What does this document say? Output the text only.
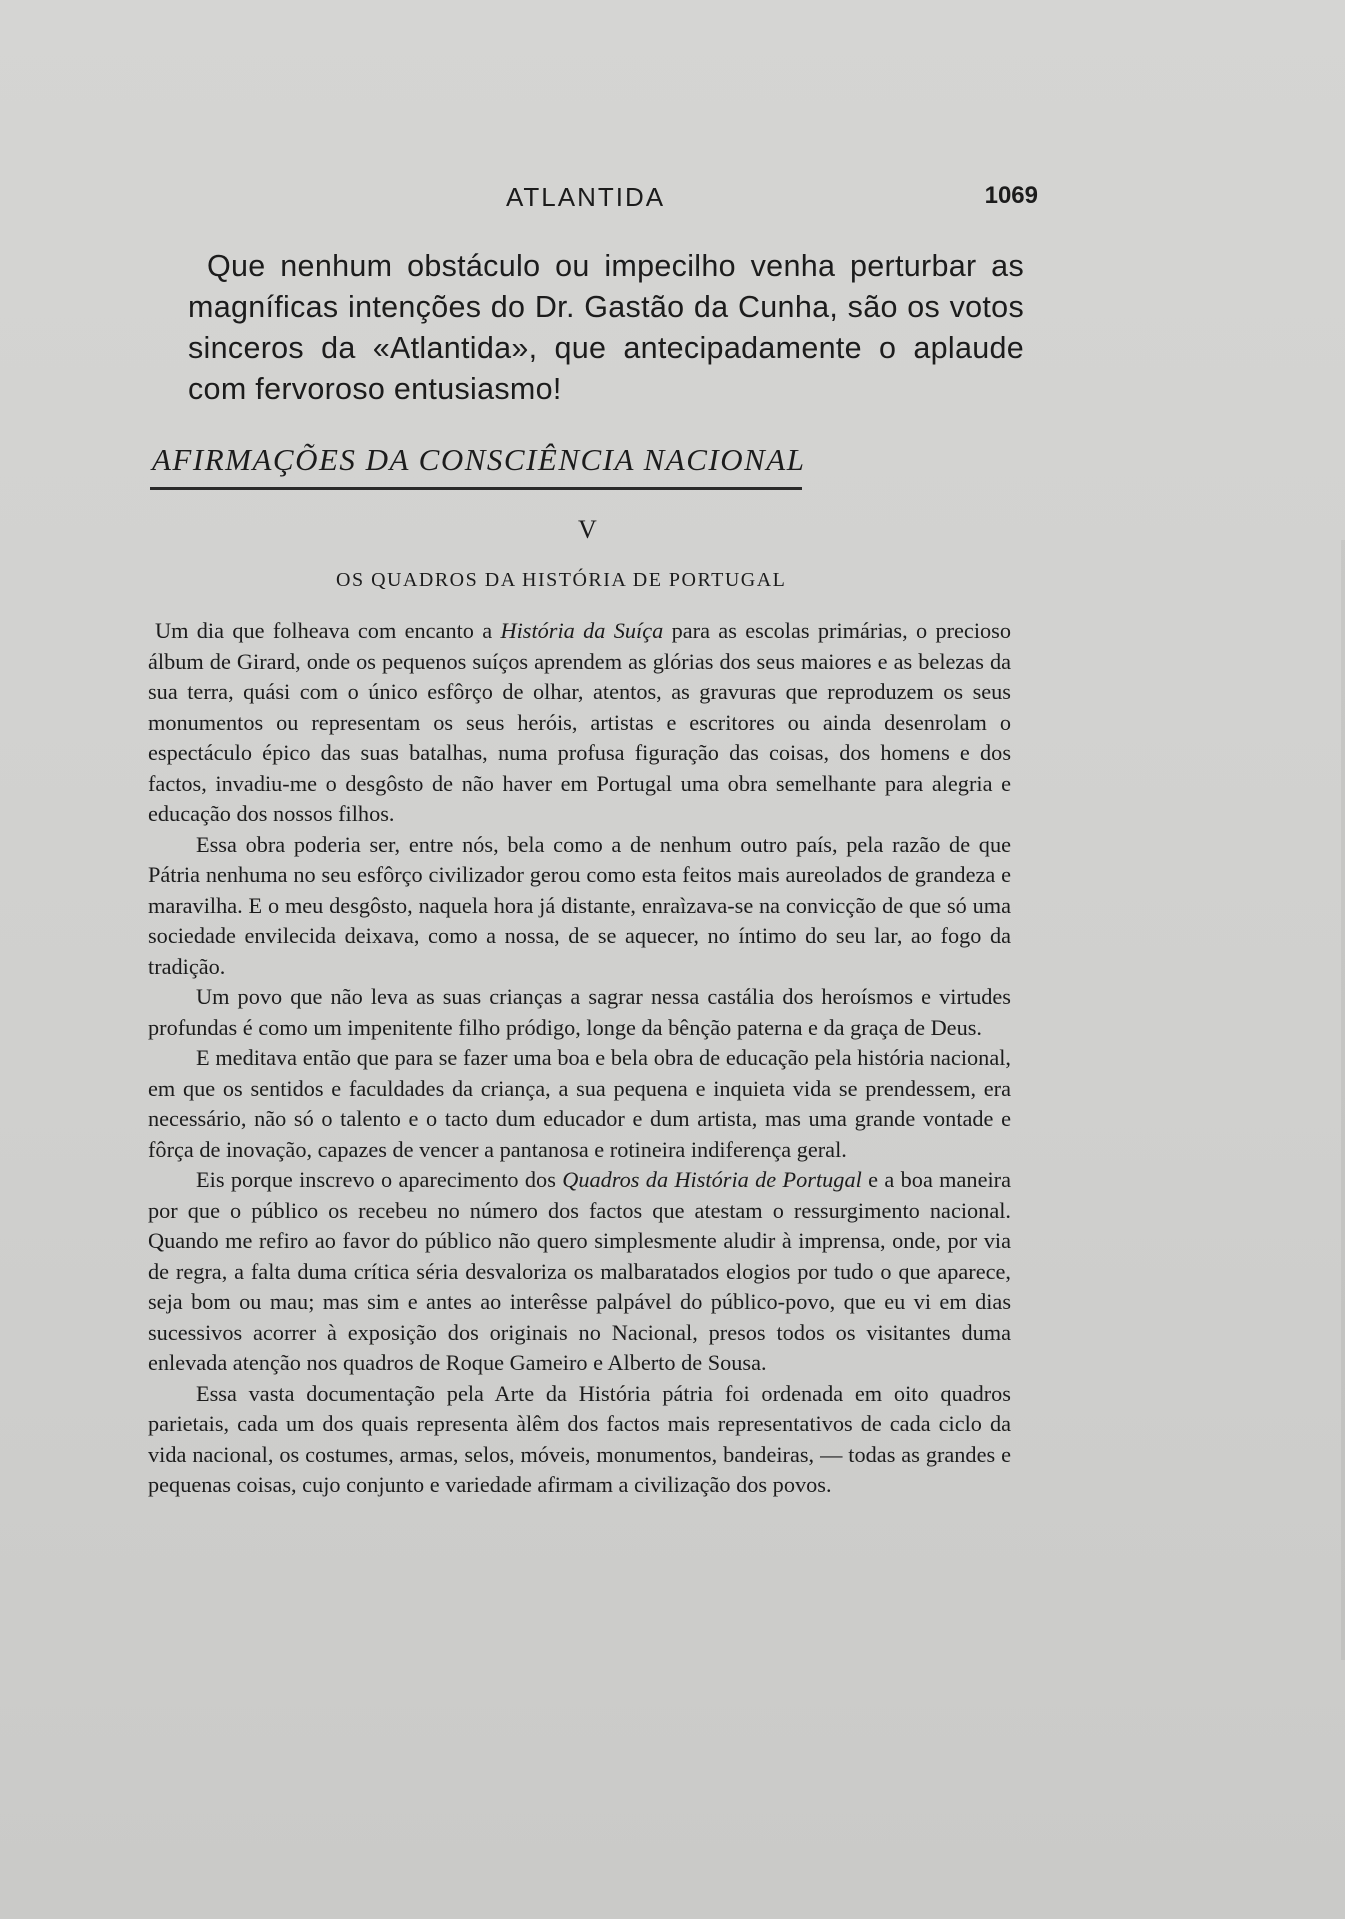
ATLANTIDA	1069

Que nenhum obstáculo ou impecilho venha perturbar as magníficas intenções do Dr. Gastão da Cunha, são os votos sinceros da «Atlantida», que antecipadamente o aplaude com fervoroso entusiasmo!

AFIRMAÇÕES DA CONSCIÊNCIA NACIONAL
V
OS QUADROS DA HISTÓRIA DE PORTUGAL

Um dia que folheava com encanto a História da Suíça para as escolas primárias, o precioso álbum de Girard, onde os pequenos suíços aprendem as glórias dos seus maiores e as belezas da sua terra, quási com o único esfôrço de olhar, atentos, as gravuras que reproduzem os seus monumentos ou representam os seus heróis, artistas e escritores ou ainda desenrolam o espectáculo épico das suas batalhas, numa profusa figuração das coisas, dos homens e dos factos, invadiu-me o desgôsto de não haver em Portugal uma obra semelhante para alegria e educação dos nossos filhos.

Essa obra poderia ser, entre nós, bela como a de nenhum outro país, pela razão de que Pátria nenhuma no seu esfôrço civilizador gerou como esta feitos mais aureolados de grandeza e maravilha. E o meu desgôsto, naquela hora já distante, enraìzava-se na convicção de que só uma sociedade envilecida deixava, como a nossa, de se aquecer, no íntimo do seu lar, ao fogo da tradição.

Um povo que não leva as suas crianças a sagrar nessa castália dos heroísmos e virtudes profundas é como um impenitente filho pródigo, longe da bênção paterna e da graça de Deus.

E meditava então que para se fazer uma boa e bela obra de educação pela história nacional, em que os sentidos e faculdades da criança, a sua pequena e inquieta vida se prendessem, era necessário, não só o talento e o tacto dum educador e dum artista, mas uma grande vontade e fôrça de inovação, capazes de vencer a pantanosa e rotineira indiferença geral.

Eis porque inscrevo o aparecimento dos Quadros da História de Portugal e a boa maneira por que o público os recebeu no número dos factos que atestam o ressurgimento nacional. Quando me refiro ao favor do público não quero simplesmente aludir à imprensa, onde, por via de regra, a falta duma crítica séria desvaloriza os malbaratados elogios por tudo o que aparece, seja bom ou mau; mas sim e antes ao interêsse palpável do público-povo, que eu vi em dias sucessivos acorrer à exposição dos originais no Nacional, presos todos os visitantes duma enlevada atenção nos quadros de Roque Gameiro e Alberto de Sousa.

Essa vasta documentação pela Arte da História pátria foi ordenada em oito quadros parietais, cada um dos quais representa àlêm dos factos mais representativos de cada ciclo da vida nacional, os costumes, armas, selos, móveis, monumentos, bandeiras, — todas as grandes e pequenas coisas, cujo conjunto e variedade afirmam a civilização dos povos.
